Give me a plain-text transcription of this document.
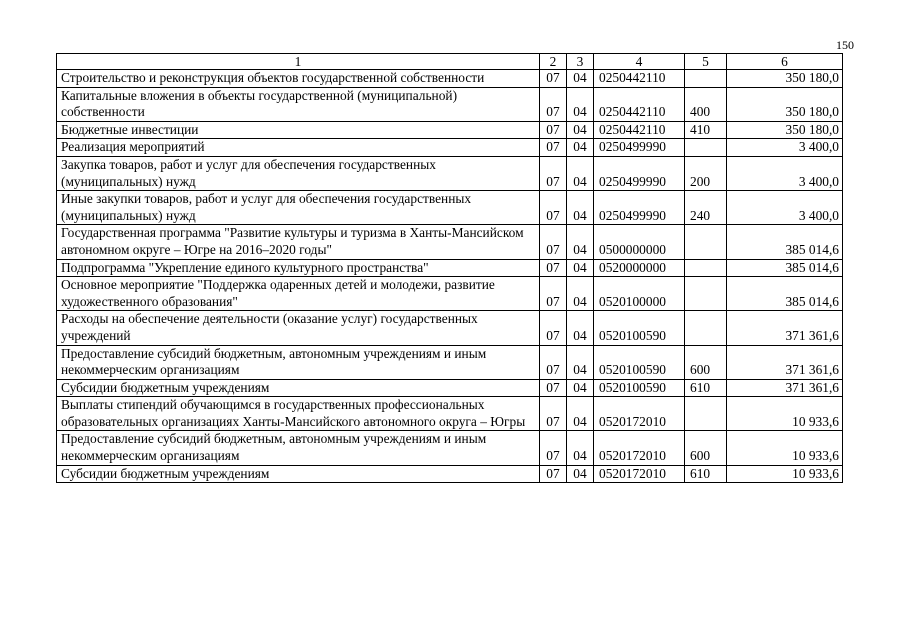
150
1	2	3	4	5	6
Строительство и реконструкция объектов государственной собственности	07	04	0250442110		350 180,0
Капитальные вложения в объекты государственной (муниципальной) собственности	07	04	0250442110	400	350 180,0
Бюджетные инвестиции	07	04	0250442110	410	350 180,0
Реализация мероприятий	07	04	0250499990		3 400,0
Закупка товаров, работ и услуг для обеспечения государственных (муниципальных) нужд	07	04	0250499990	200	3 400,0
Иные закупки товаров, работ и услуг для обеспечения государственных (муниципальных) нужд	07	04	0250499990	240	3 400,0
Государственная программа "Развитие культуры и туризма в Ханты-Мансийском автономном округе – Югре на 2016–2020 годы"	07	04	0500000000		385 014,6
Подпрограмма "Укрепление единого культурного пространства"	07	04	0520000000		385 014,6
Основное мероприятие "Поддержка одаренных детей и молодежи, развитие художественного образования"	07	04	0520100000		385 014,6
Расходы на обеспечение деятельности (оказание услуг) государственных учреждений	07	04	0520100590		371 361,6
Предоставление субсидий бюджетным, автономным учреждениям и иным некоммерческим организациям	07	04	0520100590	600	371 361,6
Субсидии бюджетным учреждениям	07	04	0520100590	610	371 361,6
Выплаты стипендий обучающимся в государственных профессиональных образовательных организациях Ханты-Мансийского автономного округа – Югры	07	04	0520172010		10 933,6
Предоставление субсидий бюджетным, автономным учреждениям и иным некоммерческим организациям	07	04	0520172010	600	10 933,6
Субсидии бюджетным учреждениям	07	04	0520172010	610	10 933,6
